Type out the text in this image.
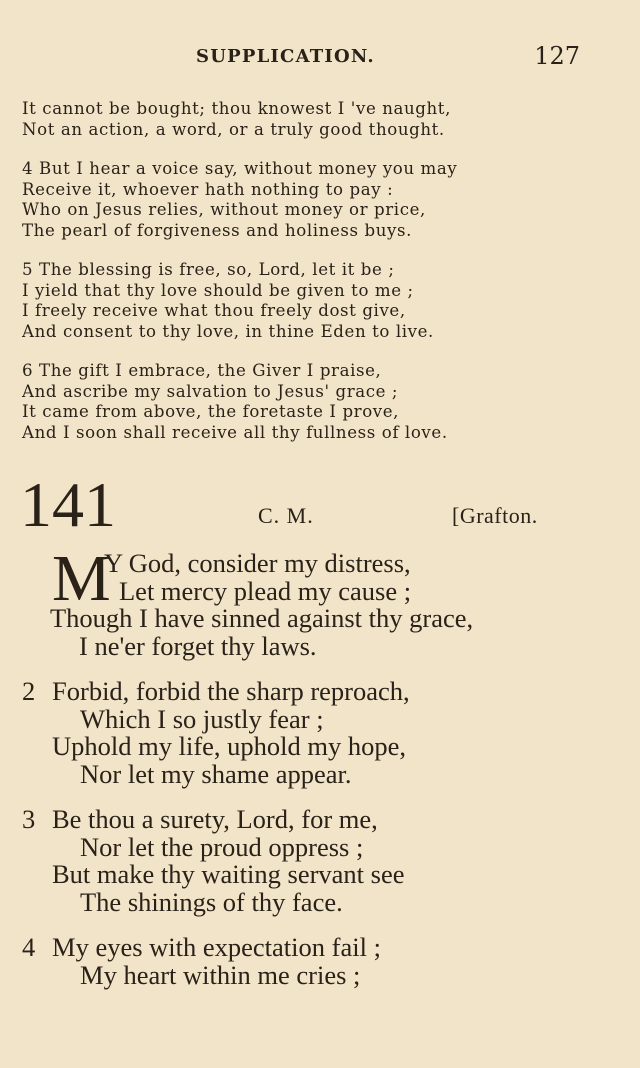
SUPPLICATION.	127
It cannot be bought; thou knowest I 've naught,
Not an action, a word, or a truly good thought.
4 But I hear a voice say, without money you may
Receive it, whoever hath nothing to pay :
Who on Jesus relies, without money or price,
The pearl of forgiveness and holiness buys.
5 The blessing is free, so, Lord, let it be ;
I yield that thy love should be given to me ;
I freely receive what thou freely dost give,
And consent to thy love, in thine Eden to live.
6 The gift I embrace, the Giver I praise,
And ascribe my salvation to Jesus' grace ;
It came from above, the foretaste I prove,
And I soon shall receive all thy fullness of love.
141	C. M.	[Grafton.
M
Y God, consider my distress,
Let mercy plead my cause ;
Though I have sinned against thy grace,
I ne'er forget thy laws.
2 Forbid, forbid the sharp reproach,
Which I so justly fear ;
Uphold my life, uphold my hope,
Nor let my shame appear.
3 Be thou a surety, Lord, for me,
Nor let the proud oppress ;
But make thy waiting servant see
The shinings of thy face.
4 My eyes with expectation fail ;
My heart within me cries ;
